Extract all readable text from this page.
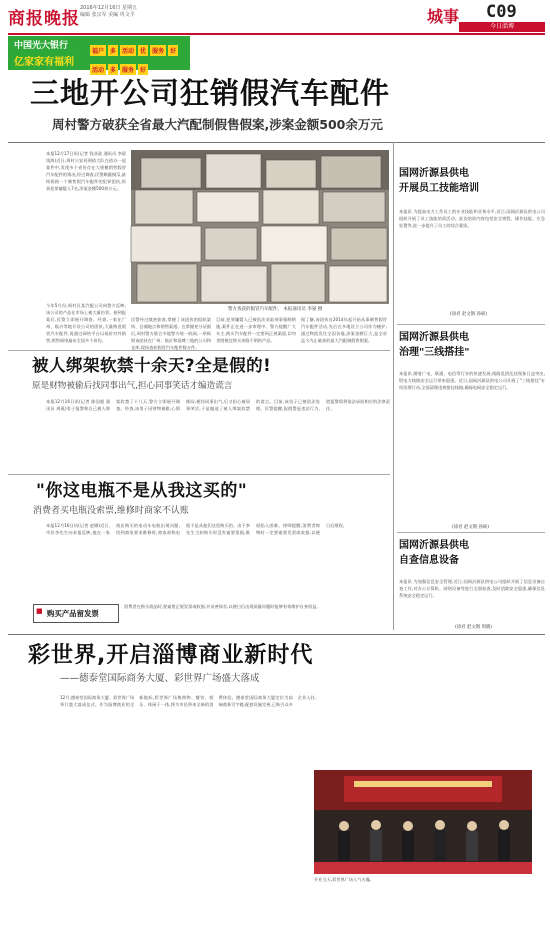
商报晚报
2016年12月16日 星期五
编辑 张宗军 美编 巩文平	城事 C09
今日淄博
中国光大银行
亿家家有福利
福户 多 活动 优 服务 好活动 多 服务 好
三地开公司狂销假汽车配件
周村警方破获全省最大汽配制假售假案,涉案金额500余万元
本报12月17日讯(记者 钱业政 通讯员 李晏 钱海)近日,周村公安局刑侦大队在侦办一起案件中,发现多个省份存在大规模销售假冒汽车配件的情况,经过调查,民警顺藤摸瓜,最终捣毁一个制售假汽车配件的犯罪团伙,抓获犯罪嫌疑人7名,涉案金额500余万元。
今年5月份,周村区某汽配公司向警方反映,该公司的产品在市场上被大量仿冒。接到报案后,民警立即展开调查。经查,一家在广州、临沂等地开设公司的团伙,大量购进假冒汽车配件,再通过网络平台以低价对外销售,销售网络遍布全国多个省份。
警方查获的假冒汽车配件。 本报通讯员 李晏 摄
民警经过缜密侦查,掌握了该团伙的组织架构、仓储地点和销售渠道。在掌握充分证据后,周村警方联合多地警方统一收网,一举捣毁该团伙在广州、临沂和淄博三地的公司和仓库,现场查获假冒汽车配件数万件。
目前,犯罪嫌疑人已被依法采取刑事强制措施,案件正在进一步审理中。警方提醒广大车主,购买汽车配件一定要到正规渠道,切勿贪图便宜购买来路不明的产品。
据了解,该团伙自2014年起开始从事制售假冒汽车配件活动,先后在多地设立公司作为掩护,通过物流发往全国各地,涉案金额巨大,是全省迄今为止破获的最大汽配制假售假案。
被人绑架软禁十余天?全是假的!
原是财物被偷后找同事出气,担心同事笑话才编造谎言
本报12月16日讯(记者 陈国超 通讯员 周燕)男子报警称自己被人绑架软禁了十几天,警方立即展开调查。经查,该男子因财物被偷,心情郁闷,便找同事出气,后又担心被同事笑话,于是编造了被人绑架软禁的谎言。目前,该男子已被依法处理。民警提醒,报假警是违法行为,谎报警情将依法承担相应的法律责任。
"你这电瓶不是从我这买的"
消费者买电瓶没索票,维修时商家不认账
本报12月16日讯(记者 赵娜)近日,市民李先生向本报反映,他在一家商店购买的电动车电瓶出现问题,找到商家要求维修时,商家却称电瓶不是从他们这里购买的。由于李先生当初购买时没有索要票据,维权陷入困难。律师提醒,消费者购物时一定要索要发票或收据,以便日后维权。
■ 购买产品留发票
消费者在购买商品时,要索要正规发票或收据,并妥善保存,以便日后出现质量问题时能够有效维护自身权益。
彩世界,开启淄博商业新时代
——德泰堂国际商务大厦、彩世界广场盛大落成
12月,德泰堂国际商务大厦、彩世界广场举行盛大落成仪式。作为淄博商业的全新地标,彩世界广场集购物、餐饮、娱乐、休闲于一体,将为市民带来全新的消费体验。德泰堂国际商务大厦定位为高端商务写字楼,配套设施完善,已吸引众多企业入驻。
开业当天,彩世界广场人气火爆。
国网沂源县供电
开展员工技能培训
本报讯 为提高电力工作员工的专业技能和业务水平,近日,国网沂源县供电公司组织开展了员工技能培训活动。此次培训内容包括安全规程、操作技能、应急处置等,进一步提升了员工的综合素质。
(徐君 赵文钢 孙硕)
国网沂源县供电
治理"三线搭挂"
本报讯 随着广电、联通、电信等行业的快速发展,线路乱搭乱挂现象日益突出,给电力线路安全运行带来隐患。近日,国网沂源县供电公司开展了"三线搭挂"专项治理行动,全面清理违规搭挂线路,确保电网安全稳定运行。
(徐君 赵文钢 孙硕)
国网沂源县供电
自查信息设备
本报讯 为加强信息安全管理,近日,国网沂源县供电公司组织开展了信息设备自查工作,对办公计算机、网络设备等进行全面检查,及时消除安全隐患,确保信息系统安全稳定运行。
(徐君 赵文钢 周晓)
